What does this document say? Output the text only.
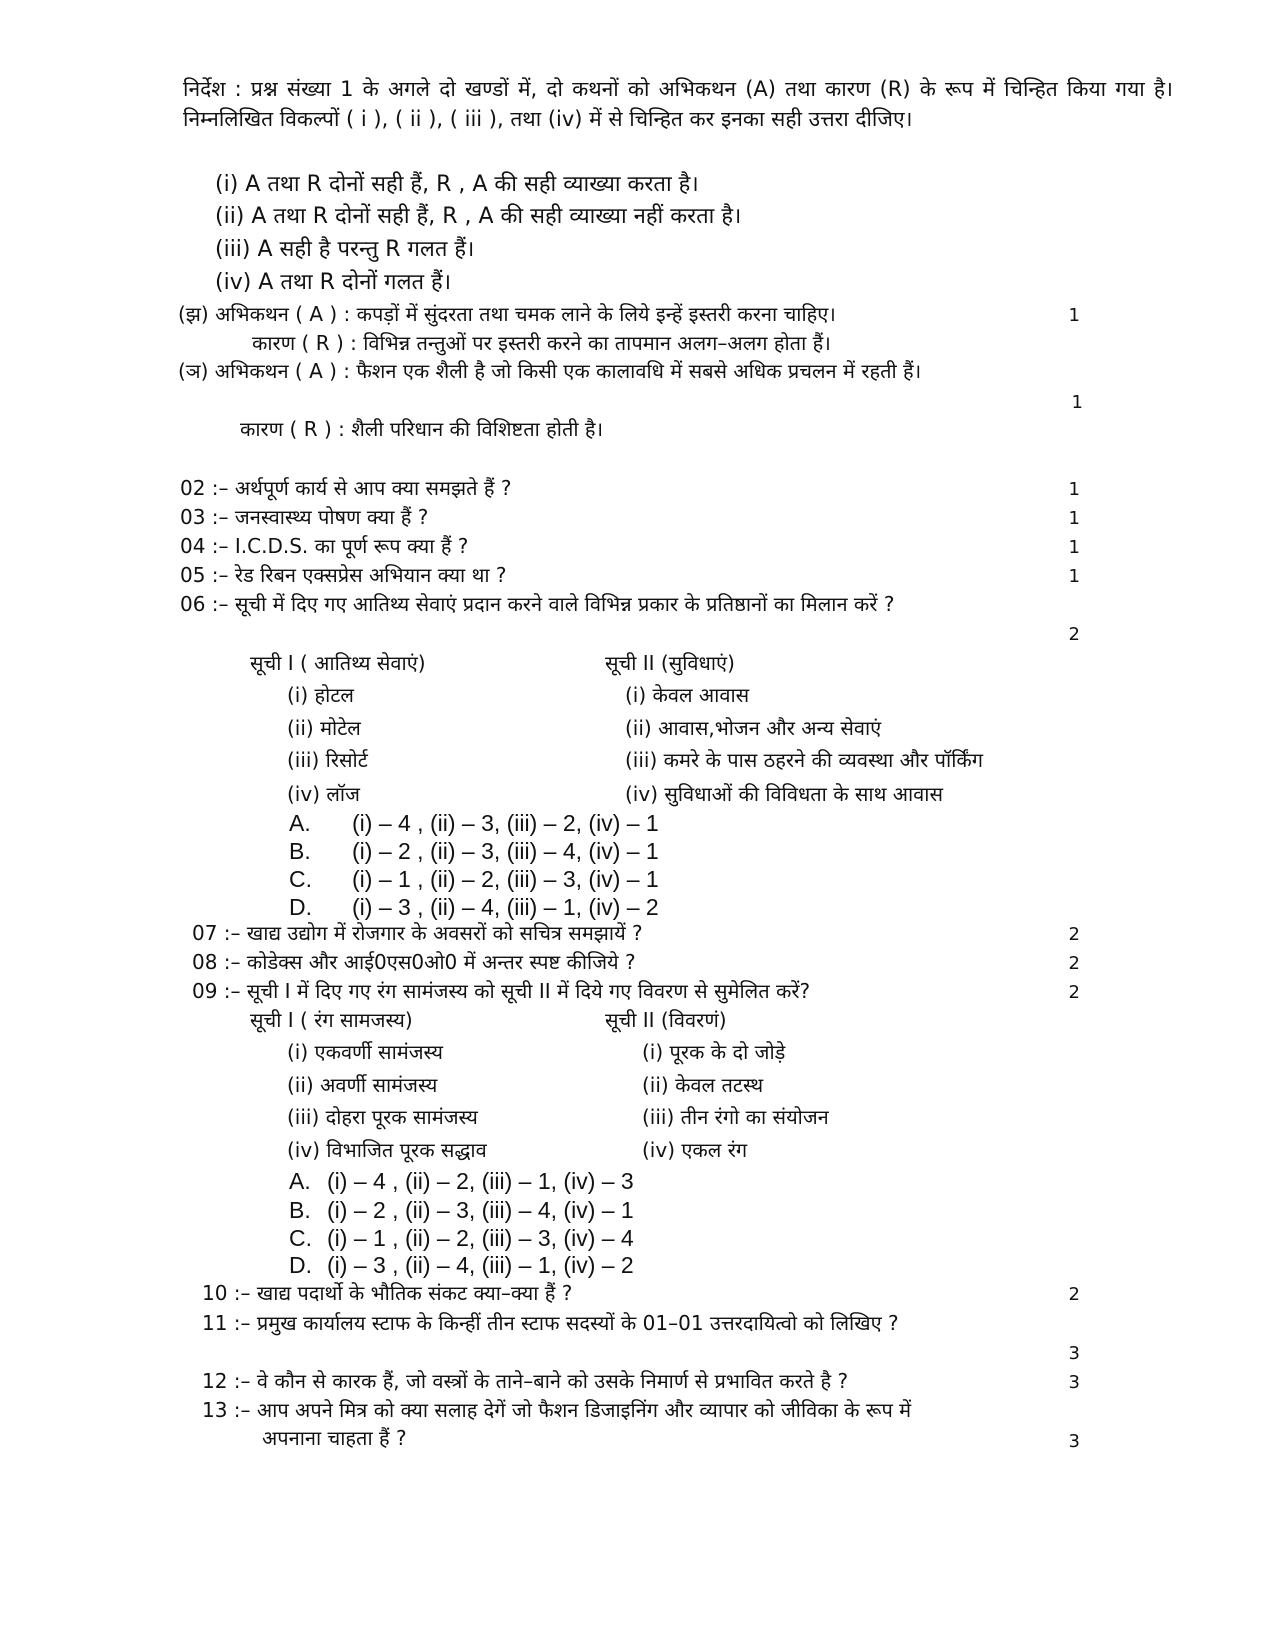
निर्देश : प्रश्न संख्या 1 के अगले दो खण्डों में, दो कथनों को अभिकथन (A) तथा कारण (R) के रूप में चिन्हित किया गया है। निम्नलिखित विकल्पों ( i ), ( ii ), ( iii ), तथा (iv) में से चिन्हित कर इनका सही उत्तरा दीजिए।
(i) A तथा R दोनों सही हैं, R , A की सही व्याख्या करता है।
(ii) A तथा R दोनों सही हैं, R , A की सही व्याख्या नहीं करता है।
(iii) A सही है परन्तु R गलत हैं।
(iv) A तथा R दोनों गलत हैं।
(झ) अभिकथन ( A ) : कपड़ों में सुंदरता तथा चमक लाने के लिये इन्हें इस्तरी करना चाहिए।	1
कारण ( R ) : विभिन्न तन्तुओं पर इस्तरी करने का तापमान अलग–अलग होता हैं।
(ञ) अभिकथन ( A ) : फैशन एक शैली है जो किसी एक कालावधि में सबसे अधिक प्रचलन में रहती हैं।
1
कारण ( R ) : शैली परिधान की विशिष्टता होती है।
02 :– अर्थपूर्ण कार्य से आप क्या समझते हैं ?	1
03 :– जनस्वास्थ्य पोषण क्या हैं ?	1
04 :– I.C.D.S. का पूर्ण रूप क्या हैं ?	1
05 :– रेड रिबन एक्सप्रेस अभियान क्या था ?	1
06 :– सूची में दिए गए आतिथ्य सेवाएं प्रदान करने वाले विभिन्न प्रकार के प्रतिष्ठानों का मिलान करें ?
2
सूची I ( आतिथ्य सेवाएं)	सूची II (सुविधाएं)
(i) होटल	(i) केवल आवास
(ii) मोटेल	(ii) आवास,भोजन और अन्य सेवाएं
(iii) रिसोर्ट	(iii) कमरे के पास ठहरने की व्यवस्था और पॉर्किंग
(iv) लॉज	(iv) सुविधाओं की विविधता के साथ आवास
A. (i) – 4 , (ii) – 3, (iii) – 2, (iv) – 1
B. (i) – 2 , (ii) – 3, (iii) – 4, (iv) – 1
C. (i) – 1 , (ii) – 2, (iii) – 3, (iv) – 1
D. (i) – 3 , (ii) – 4, (iii) – 1, (iv) – 2
07 :– खाद्य उद्योग में रोजगार के अवसरों को सचित्र समझायें ?	2
08 :– कोडेक्स और आई0एस0ओ0 में अन्तर स्पष्ट कीजिये ?	2
09 :– सूची I में दिए गए रंग सामंजस्य को सूची II में दिये गए विवरण से सुमेलित करें?	2
सूची I ( रंग सामजस्य)	सूची II (विवरणं)
(i) एकवर्णी सामंजस्य	(i) पूरक के दो जोड़े
(ii) अवर्णी सामंजस्य	(ii) केवल तटस्थ
(iii) दोहरा पूरक सामंजस्य	(iii) तीन रंगो का संयोजन
(iv) विभाजित पूरक सद्धाव	(iv) एकल रंग
A. (i) – 4 , (ii) – 2, (iii) – 1, (iv) – 3
B. (i) – 2 , (ii) – 3, (iii) – 4, (iv) – 1
C. (i) – 1 , (ii) – 2, (iii) – 3, (iv) – 4
D. (i) – 3 , (ii) – 4, (iii) – 1, (iv) – 2
10 :– खाद्य पदार्थो के भौतिक संकट क्या–क्या हैं ?	2
11 :– प्रमुख कार्यालय स्टाफ के किन्हीं तीन स्टाफ सदस्यों के 01–01 उत्तरदायित्वो को लिखिए ?
3
12 :– वे कौन से कारक हैं, जो वस्त्रों के ताने–बाने को उसके निमार्ण से प्रभावित करते है ?	3
13 :– आप अपने मित्र को क्या सलाह देगें जो फैशन डिजाइनिंग और व्यापार को जीविका के रूप में
अपनाना चाहता हैं ?	3
